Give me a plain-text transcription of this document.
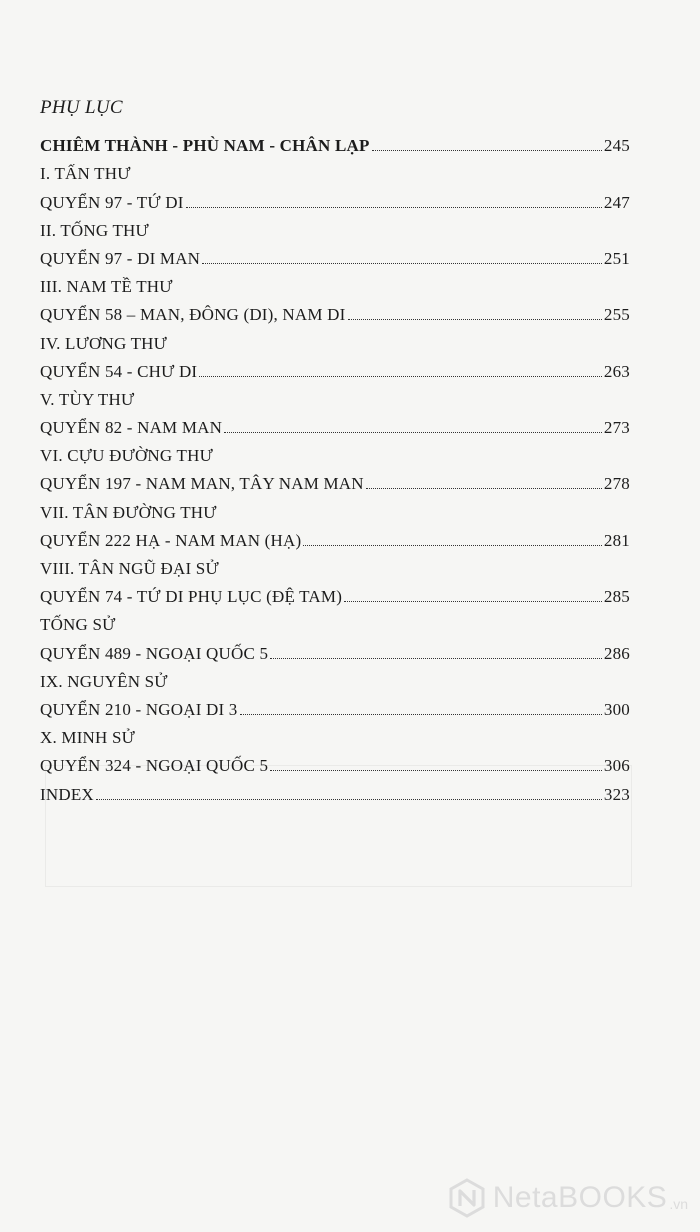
PHỤ LỤC
CHIÊM THÀNH - PHÙ NAM - CHÂN LẠP	245
I. TẤN THƯ
QUYỂN 97 - TỨ DI	247
II. TỐNG THƯ
QUYỂN 97 - DI MAN	251
III. NAM TỀ THƯ
QUYỂN 58 – MAN, ĐÔNG (DI), NAM DI	255
IV. LƯƠNG THƯ
QUYỂN 54 - CHƯ DI	263
V. TÙY THƯ
QUYỂN 82 - NAM MAN	273
VI. CỰU ĐƯỜNG THƯ
QUYỂN 197 - NAM MAN, TÂY NAM MAN	278
VII. TÂN ĐƯỜNG THƯ
QUYỂN 222 HẠ - NAM MAN (HẠ)	281
VIII. TÂN NGŨ ĐẠI SỬ
QUYỂN 74 - TỨ DI PHỤ LỤC (ĐỆ TAM)	285
TỐNG SỬ
QUYỂN 489 - NGOẠI QUỐC 5	286
IX. NGUYÊN SỬ
QUYỂN 210 - NGOẠI DI 3	300
X. MINH SỬ
QUYỂN 324 - NGOẠI QUỐC 5	306
INDEX	323
NetaBOOKS .vn
